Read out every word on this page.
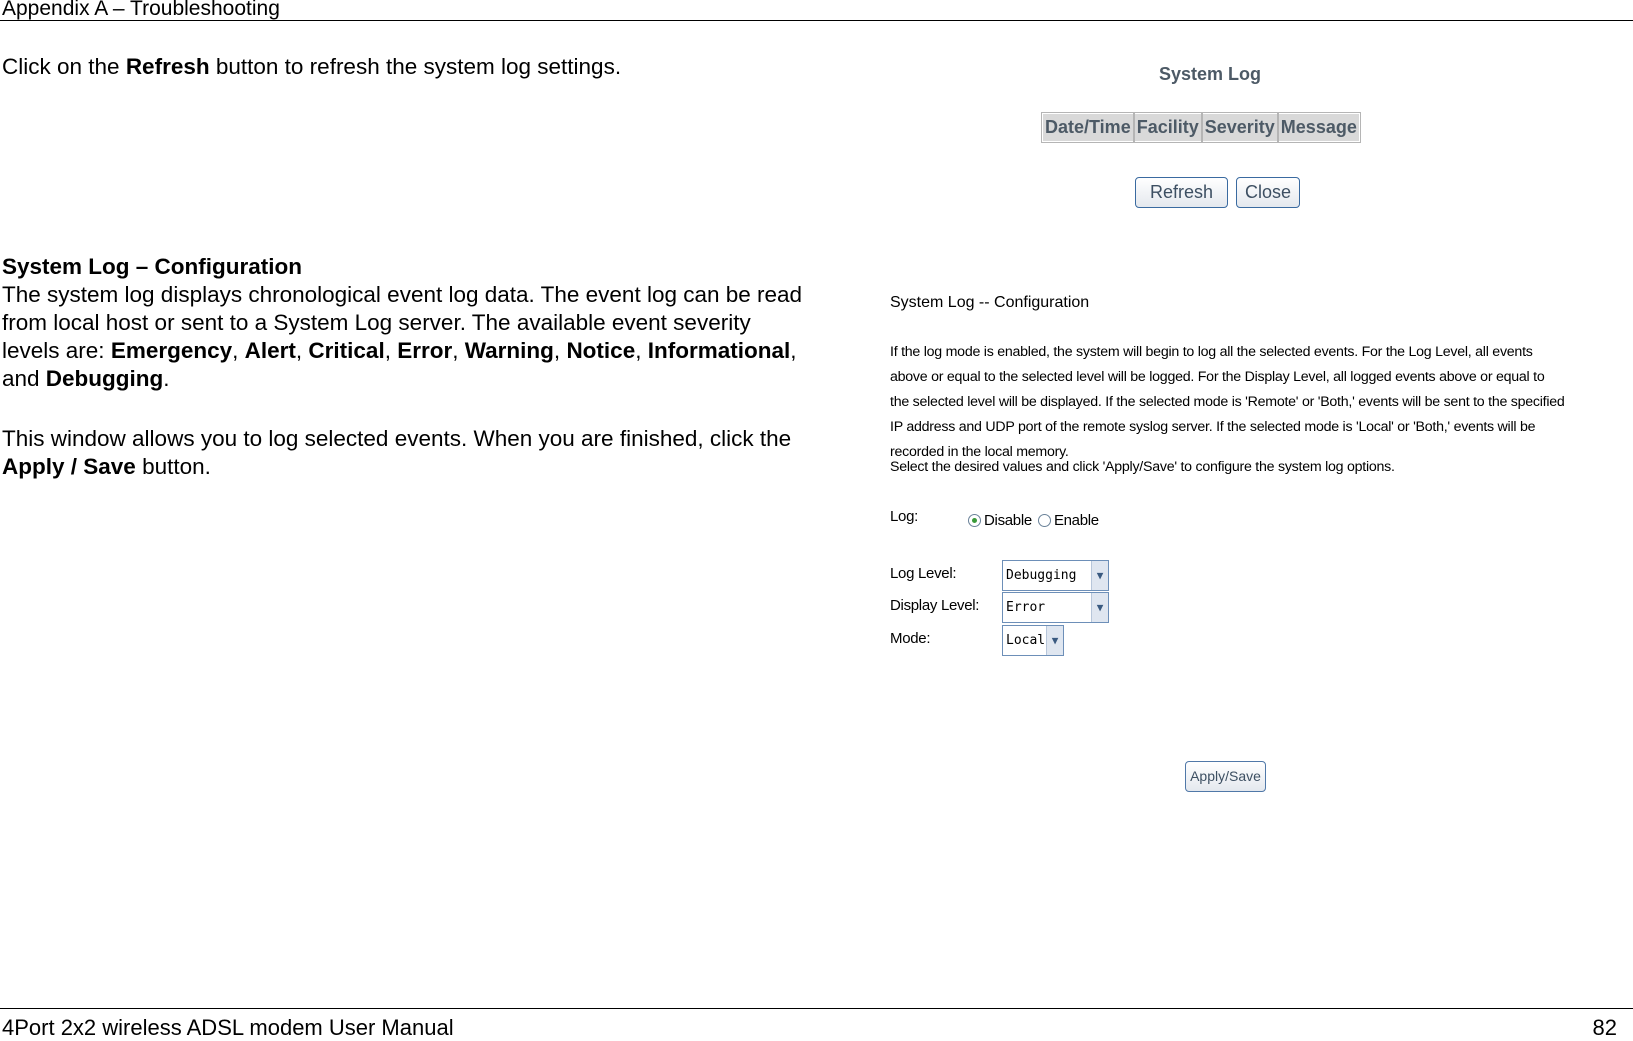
Appendix A – Troubleshooting
Click on the Refresh button to refresh the system log settings.
System Log – Configuration
The system log displays chronological event log data. The event log can be read from local host or sent to a System Log server. The available event severity levels are: Emergency, Alert, Critical, Error, Warning, Notice, Informational, and Debugging.
This window allows you to log selected events. When you are finished, click the Apply / Save button.
System Log
Date/Time	Facility	Severity	Message
Refresh	Close
System Log -- Configuration
If the log mode is enabled, the system will begin to log all the selected events. For the Log Level, all events above or equal to the selected level will be logged. For the Display Level, all logged events above or equal to the selected level will be displayed. If the selected mode is 'Remote' or 'Both,' events will be sent to the specified IP address and UDP port of the remote syslog server. If the selected mode is 'Local' or 'Both,' events will be recorded in the local memory.
Select the desired values and click 'Apply/Save' to configure the system log options.
Log:	Disable Enable
Log Level:	Debugging	▼
Display Level: Error	▼
Mode:	Local ▼
Apply/Save
4Port 2x2 wireless ADSL modem User Manual	82
